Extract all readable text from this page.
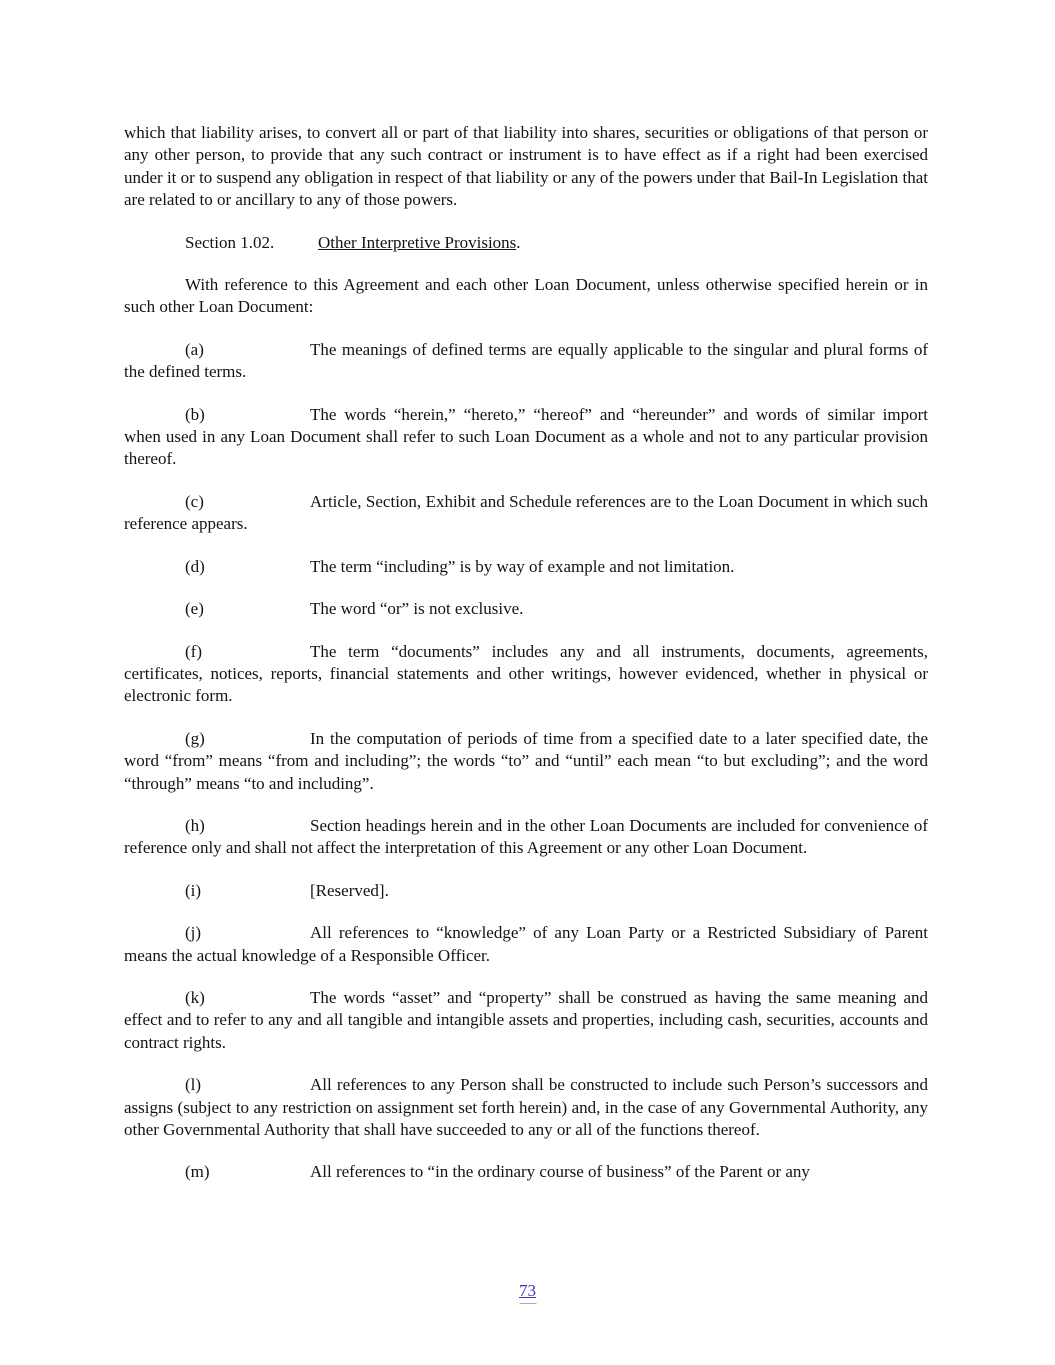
which that liability arises, to convert all or part of that liability into shares, securities or obligations of that person or any other person, to provide that any such contract or instrument is to have effect as if a right had been exercised under it or to suspend any obligation in respect of that liability or any of the powers under that Bail-In Legislation that are related to or ancillary to any of those powers.

Section 1.02.	Other Interpretive Provisions.

With reference to this Agreement and each other Loan Document, unless otherwise specified herein or in such other Loan Document:

(a)	The meanings of defined terms are equally applicable to the singular and plural forms of the defined terms.

(b)	The words “herein,” “hereto,” “hereof” and “hereunder” and words of similar import when used in any Loan Document shall refer to such Loan Document as a whole and not to any particular provision thereof.

(c)	Article, Section, Exhibit and Schedule references are to the Loan Document in which such reference appears.

(d)	The term “including” is by way of example and not limitation.

(e)	The word “or” is not exclusive.

(f)	The term “documents” includes any and all instruments, documents, agreements, certificates, notices, reports, financial statements and other writings, however evidenced, whether in physical or electronic form.

(g)	In the computation of periods of time from a specified date to a later specified date, the word “from” means “from and including”; the words “to” and “until” each mean “to but excluding”; and the word “through” means “to and including”.

(h)	Section headings herein and in the other Loan Documents are included for convenience of reference only and shall not affect the interpretation of this Agreement or any other Loan Document.

(i)	[Reserved].

(j)	All references to “knowledge” of any Loan Party or a Restricted Subsidiary of Parent means the actual knowledge of a Responsible Officer.

(k)	The words “asset” and “property” shall be construed as having the same meaning and effect and to refer to any and all tangible and intangible assets and properties, including cash, securities, accounts and contract rights.

(l)	All references to any Person shall be constructed to include such Person’s successors and assigns (subject to any restriction on assignment set forth herein) and, in the case of any Governmental Authority, any other Governmental Authority that shall have succeeded to any or all of the functions thereof.

(m)	All references to “in the ordinary course of business” of the Parent or any

73
